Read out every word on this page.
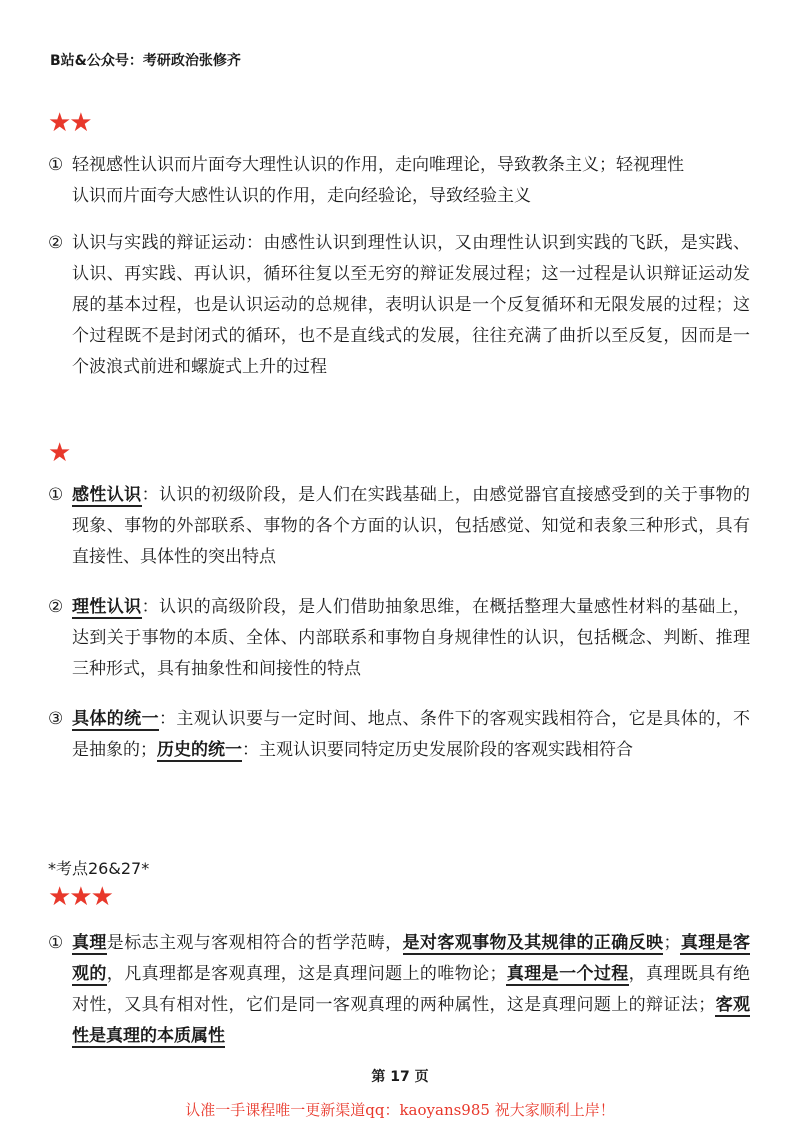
B站&公众号：考研政治张修齐
★★
① 轻视感性认识而片面夸大理性认识的作用，走向唯理论，导致教条主义；轻视理性
认识而片面夸大感性认识的作用，走向经验论，导致经验主义
② 认识与实践的辩证运动：由感性认识到理性认识，又由理性认识到实践的飞跃，是实践、认识、再实践、再认识，循环往复以至无穷的辩证发展过程；这一过程是认识辩证运动发展的基本过程，也是认识运动的总规律，表明认识是一个反复循环和无限发展的过程；这个过程既不是封闭式的循环，也不是直线式的发展，往往充满了曲折以至反复，因而是一个波浪式前进和螺旋式上升的过程
★
① 感性认识：认识的初级阶段，是人们在实践基础上，由感觉器官直接感受到的关于事物的现象、事物的外部联系、事物的各个方面的认识，包括感觉、知觉和表象三种形式，具有直接性、具体性的突出特点
② 理性认识：认识的高级阶段，是人们借助抽象思维，在概括整理大量感性材料的基础上，达到关于事物的本质、全体、内部联系和事物自身规律性的认识，包括概念、判断、推理三种形式，具有抽象性和间接性的特点
③ 具体的统一：主观认识要与一定时间、地点、条件下的客观实践相符合，它是具体的，不是抽象的；历史的统一：主观认识要同特定历史发展阶段的客观实践相符合
*考点26&27*
★★★
① 真理是标志主观与客观相符合的哲学范畴，是对客观事物及其规律的正确反映；真理是客观的，凡真理都是客观真理，这是真理问题上的唯物论；真理是一个过程，真理既具有绝对性，又具有相对性，它们是同一客观真理的两种属性，这是真理问题上的辩证法；客观性是真理的本质属性
第 17 页
认准一手课程唯一更新渠道qq：kaoyans985 祝大家顺利上岸！
